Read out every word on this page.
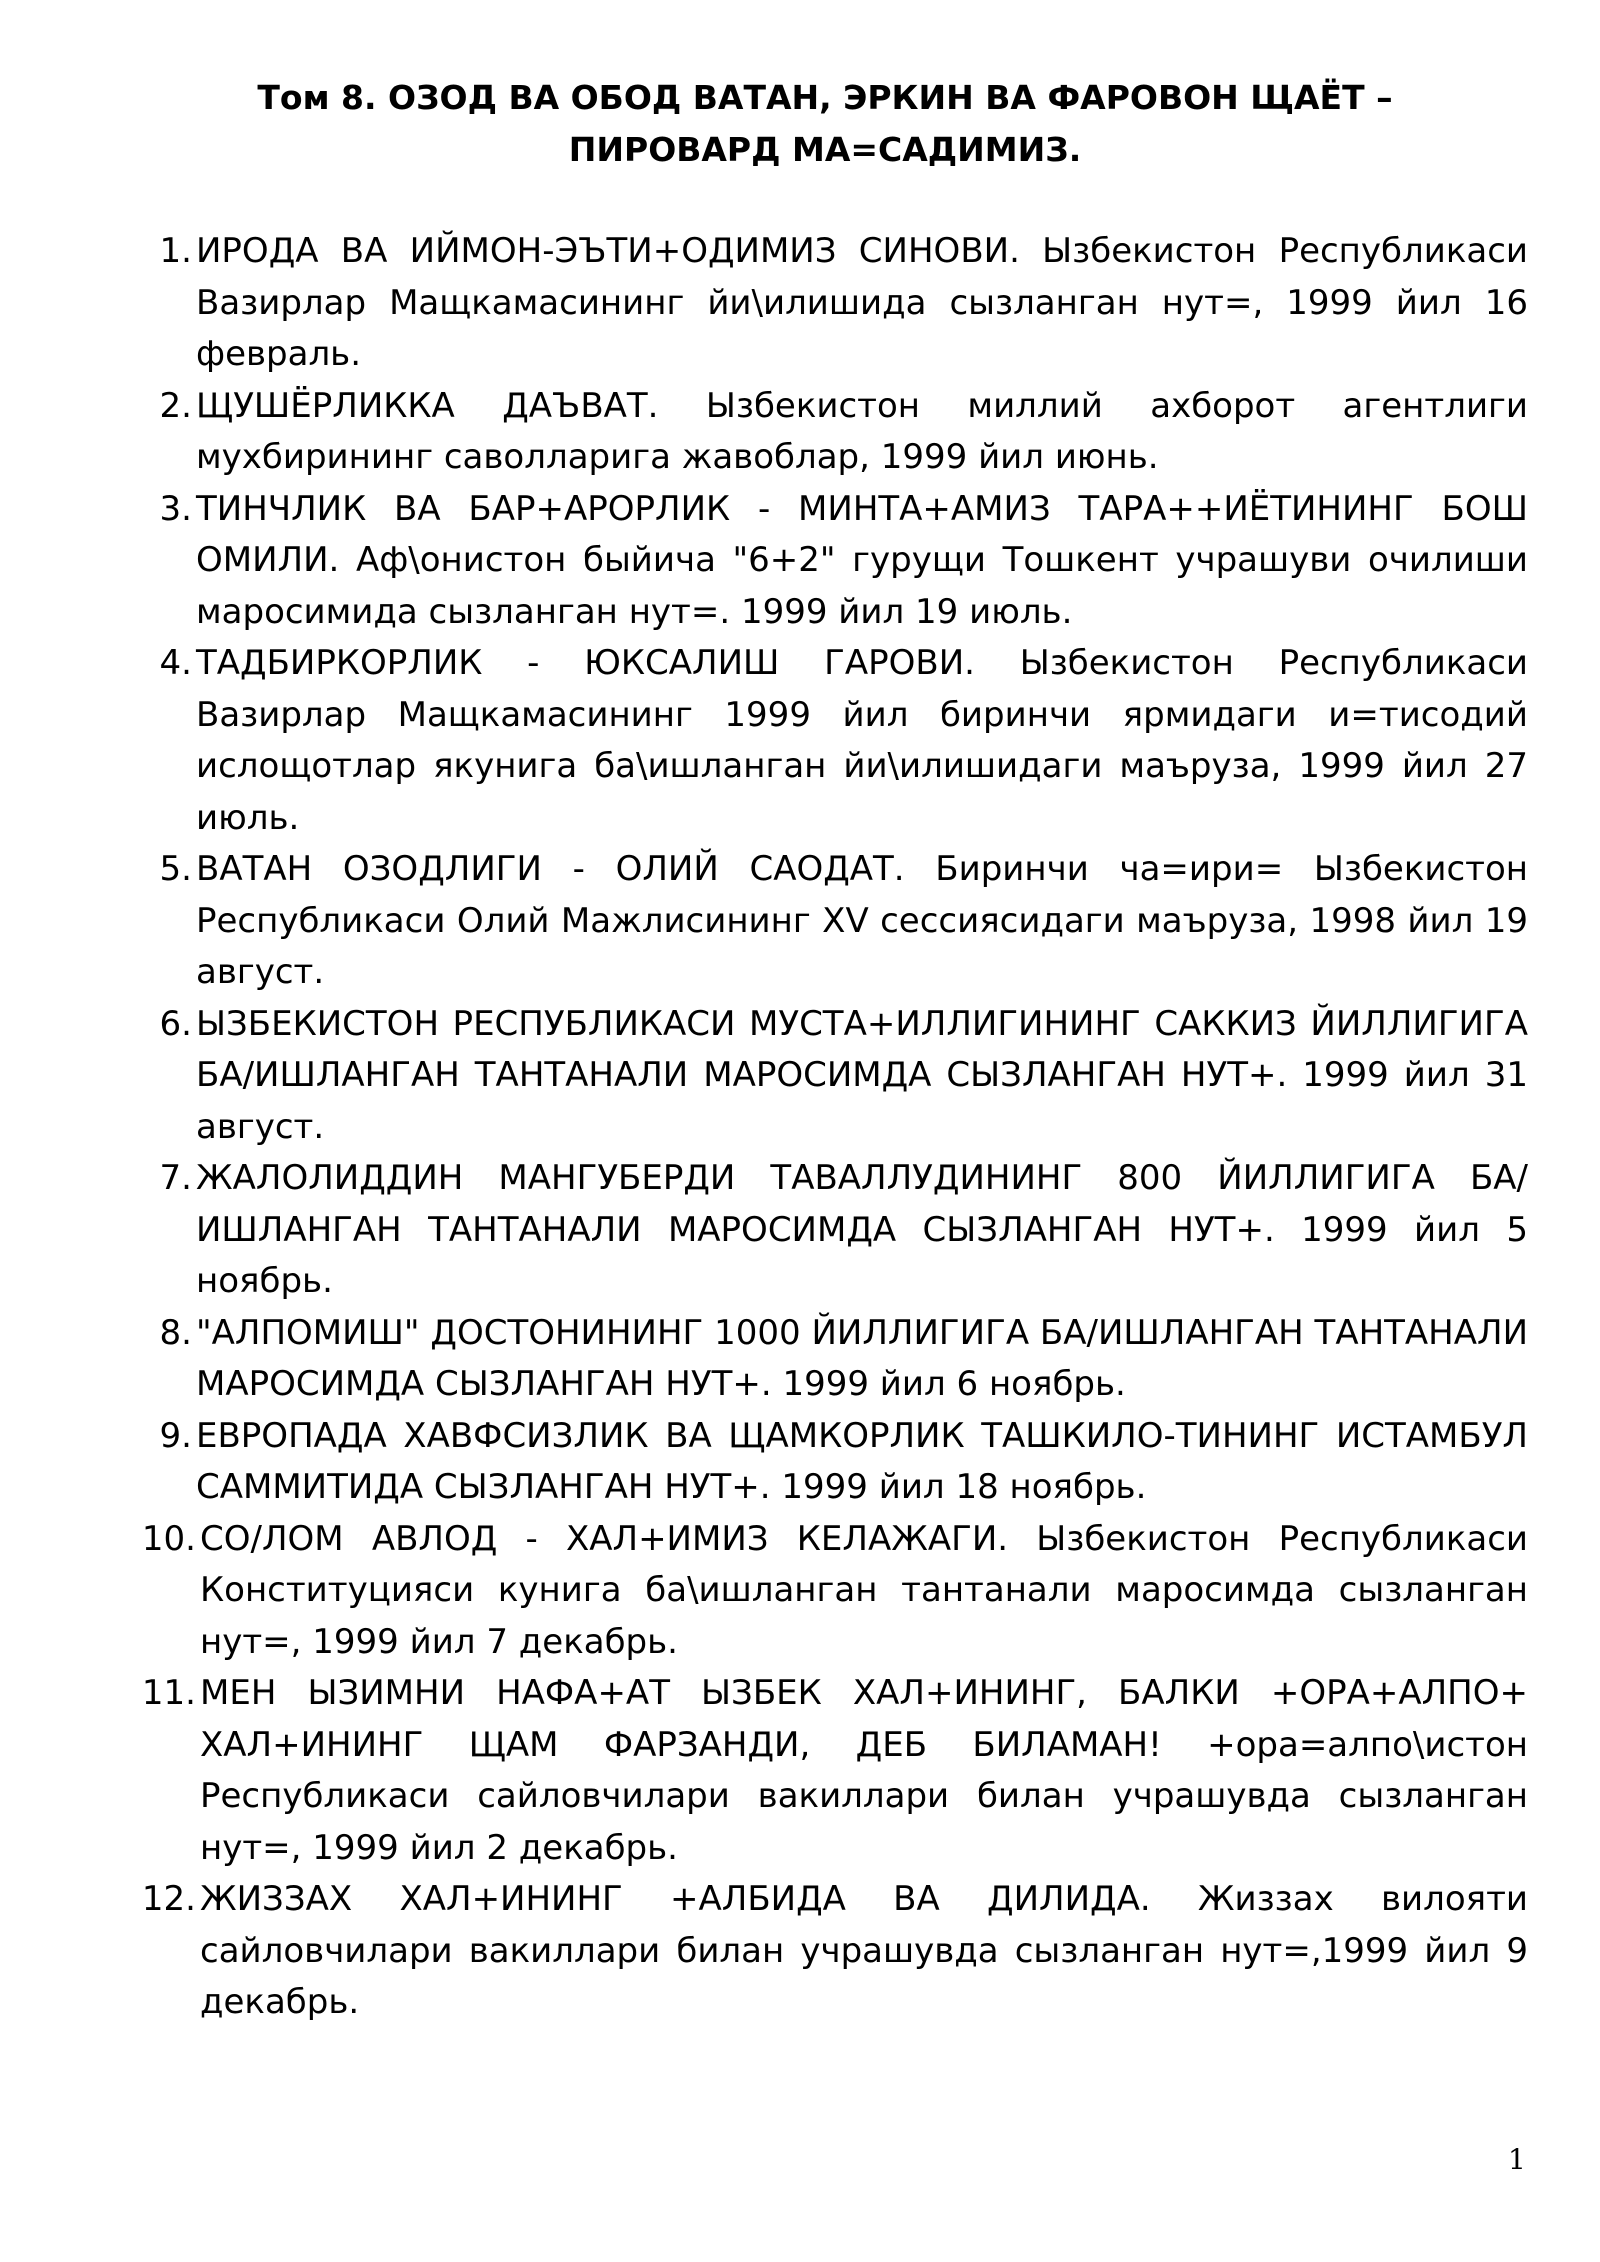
Том 8. ОЗОД ВА ОБОД ВАТАН, ЭРКИН ВА ФАРОВОН ЩАЁТ – ПИРОВАРД МА=САДИМИЗ.
1. ИРОДА ВА ИЙМОН-ЭЪТИ+ОДИМИЗ СИНОВИ. Ызбекистон Республикаси Вазирлар Мащкамасининг йи\илишида сызланган нут=, 1999 йил 16 февраль.
2. ЩУШЁРЛИККА ДАЪВАТ. Ызбекистон миллий ахборот агентлиги мухбирининг саволларига жавоблар, 1999 йил июнь.
3. ТИНЧЛИК ВА БАР+АРОРЛИК - МИНТА+АМИЗ ТАРА++ИЁТИНИНГ БОШ ОМИЛИ. Аф\онистон быйича "6+2" гурущи Тошкент учрашуви очилиши маросимида сызланган нут=. 1999 йил 19 июль.
4. ТАДБИРКОРЛИК - ЮКСАЛИШ ГАРОВИ. Ызбекистон Республикаси Вазирлар Мащкамасининг 1999 йил биринчи ярмидаги и=тисодий ислощотлар якунига ба\ишланган йи\илишидаги маъруза, 1999 йил 27 июль.
5. ВАТАН ОЗОДЛИГИ - ОЛИЙ САОДАТ. Биринчи ча=ири= Ызбекистон Республикаси Олий Мажлисининг XV сессиясидаги маъруза, 1998 йил 19 август.
6. ЫЗБЕКИСТОН РЕСПУБЛИКАСИ МУСТА+ИЛЛИГИНИНГ САККИЗ ЙИЛЛИГИГА БА/ИШЛАНГАН ТАНТАНАЛИ МАРОСИМДА СЫЗЛАНГАН НУТ+. 1999 йил 31 август.
7. ЖАЛОЛИДДИН МАНГУБЕРДИ ТАВАЛЛУДИНИНГ 800 ЙИЛЛИГИГА БА/ИШЛАНГАН ТАНТАНАЛИ МАРОСИМДА СЫЗЛАНГАН НУТ+. 1999 йил 5 ноябрь.
8. "АЛПОМИШ" ДОСТОНИНИНГ 1000 ЙИЛЛИГИГА БА/ИШЛАНГАН ТАНТАНАЛИ МАРОСИМДА СЫЗЛАНГАН НУТ+. 1999 йил 6 ноябрь.
9. ЕВРОПАДА ХАВФСИЗЛИК ВА ЩАМКОРЛИК ТАШКИЛО-ТИНИНГ ИСТАМБУЛ САММИТИДА СЫЗЛАНГАН НУТ+. 1999 йил 18 ноябрь.
10. СО/ЛОМ АВЛОД - ХАЛ+ИМИЗ КЕЛАЖАГИ. Ызбекистон Республикаси Конституцияси кунига ба\ишланган тантанали маросимда сызланган нут=, 1999 йил 7 декабрь.
11. МЕН ЫЗИМНИ НАФА+АТ ЫЗБЕК ХАЛ+ИНИНГ, БАЛКИ +ОРА+АЛПО+ ХАЛ+ИНИНГ ЩАМ ФАРЗАНДИ, ДЕБ БИЛАМАН! +ора=алпо\истон Республикаси сайловчилари вакиллари билан учрашувда сызланган нут=, 1999 йил 2 декабрь.
12. ЖИЗЗАХ ХАЛ+ИНИНГ +АЛБИДА ВА ДИЛИДА. Жиззах вилояти сайловчилари вакиллари билан учрашувда сызланган нут=,1999 йил 9 декабрь.
1
